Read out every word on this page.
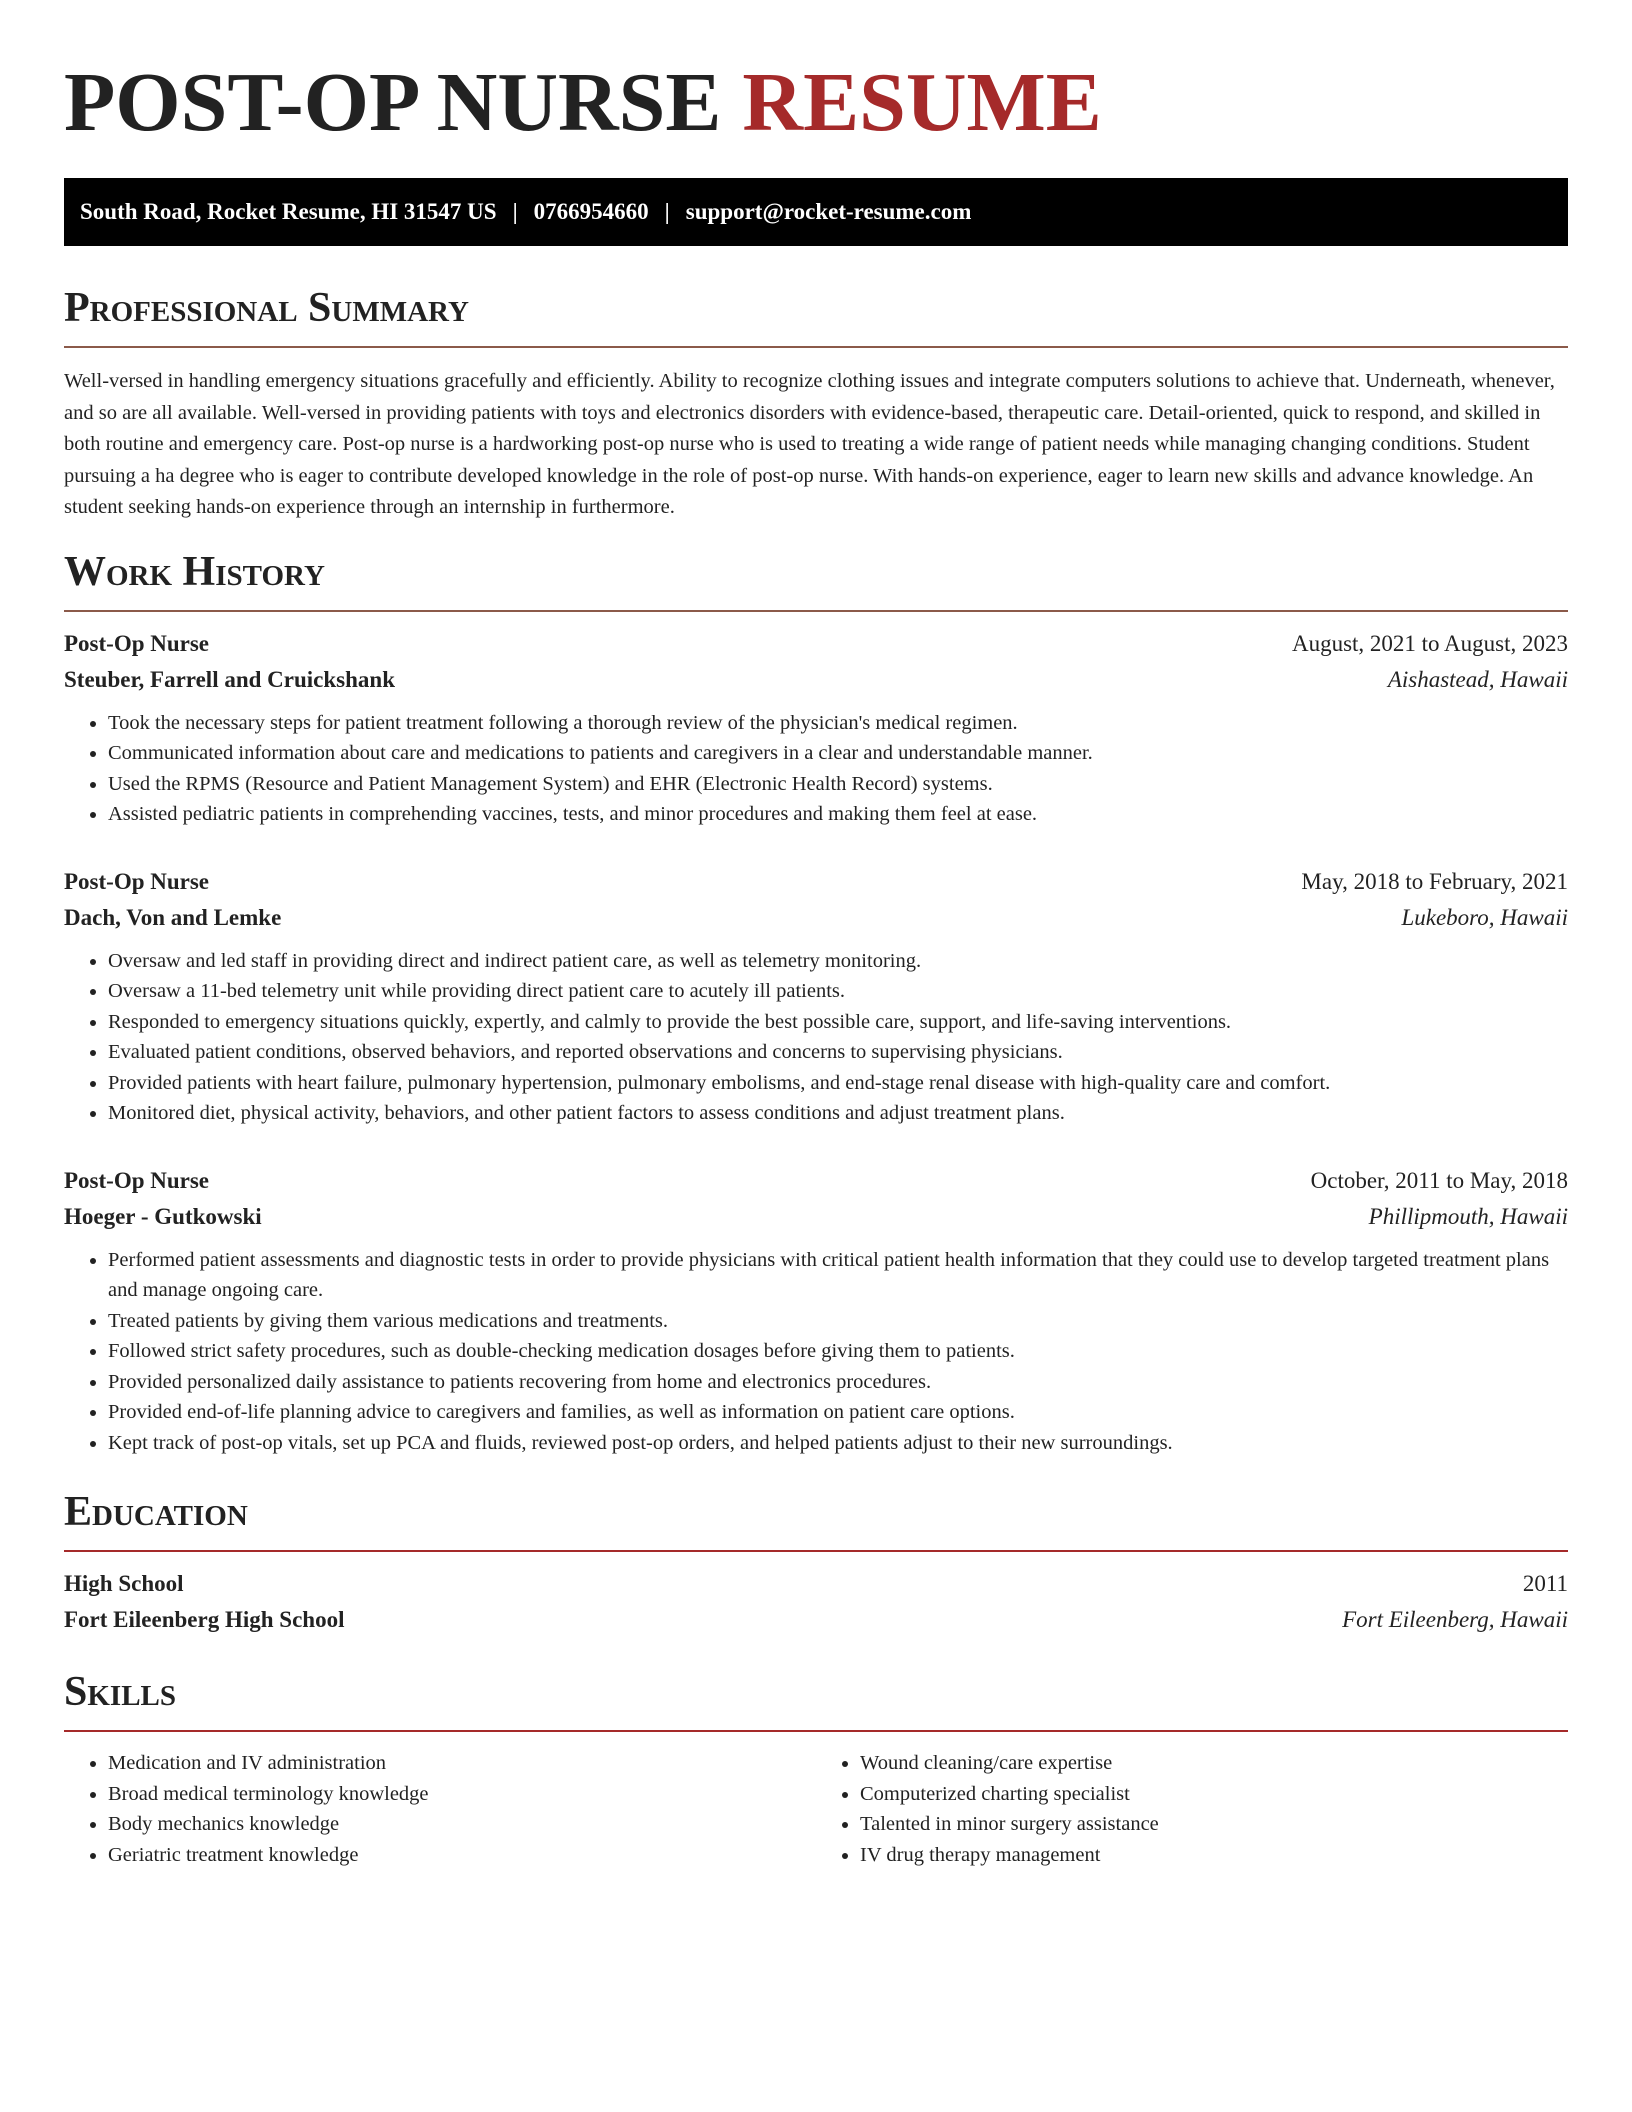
POST-OP NURSE RESUME
South Road, Rocket Resume, HI 31547 US | 0766954660 | support@rocket-resume.com
Professional Summary

Well-versed in handling emergency situations gracefully and efficiently. Ability to recognize clothing issues and integrate computers solutions to achieve that. Underneath, whenever, and so are all available. Well-versed in providing patients with toys and electronics disorders with evidence-based, therapeutic care. Detail-oriented, quick to respond, and skilled in both routine and emergency care. Post-op nurse is a hardworking post-op nurse who is used to treating a wide range of patient needs while managing changing conditions. Student pursuing a ha degree who is eager to contribute developed knowledge in the role of post-op nurse. With hands-on experience, eager to learn new skills and advance knowledge. An student seeking hands-on experience through an internship in furthermore.

Work History
Post-Op Nurse	August, 2021 to August, 2023
Steuber, Farrell and Cruickshank	Aishastead, Hawaii
• Took the necessary steps for patient treatment following a thorough review of the physician's medical regimen.
• Communicated information about care and medications to patients and caregivers in a clear and understandable manner.
• Used the RPMS (Resource and Patient Management System) and EHR (Electronic Health Record) systems.
• Assisted pediatric patients in comprehending vaccines, tests, and minor procedures and making them feel at ease.
Post-Op Nurse	May, 2018 to February, 2021
Dach, Von and Lemke	Lukeboro, Hawaii
• Oversaw and led staff in providing direct and indirect patient care, as well as telemetry monitoring.
• Oversaw a 11-bed telemetry unit while providing direct patient care to acutely ill patients.
• Responded to emergency situations quickly, expertly, and calmly to provide the best possible care, support, and life-saving interventions.
• Evaluated patient conditions, observed behaviors, and reported observations and concerns to supervising physicians.
• Provided patients with heart failure, pulmonary hypertension, pulmonary embolisms, and end-stage renal disease with high-quality care and comfort.
• Monitored diet, physical activity, behaviors, and other patient factors to assess conditions and adjust treatment plans.
Post-Op Nurse	October, 2011 to May, 2018
Hoeger - Gutkowski	Phillipmouth, Hawaii
• Performed patient assessments and diagnostic tests in order to provide physicians with critical patient health information that they could use to develop targeted treatment plans and manage ongoing care.
• Treated patients by giving them various medications and treatments.
• Followed strict safety procedures, such as double-checking medication dosages before giving them to patients.
• Provided personalized daily assistance to patients recovering from home and electronics procedures.
• Provided end-of-life planning advice to caregivers and families, as well as information on patient care options.
• Kept track of post-op vitals, set up PCA and fluids, reviewed post-op orders, and helped patients adjust to their new surroundings.
Education
High School	2011
Fort Eileenberg High School	Fort Eileenberg, Hawaii
Skills
• Medication and IV administration
• Broad medical terminology knowledge
• Body mechanics knowledge
• Geriatric treatment knowledge
• Wound cleaning/care expertise
• Computerized charting specialist
• Talented in minor surgery assistance
• IV drug therapy management
